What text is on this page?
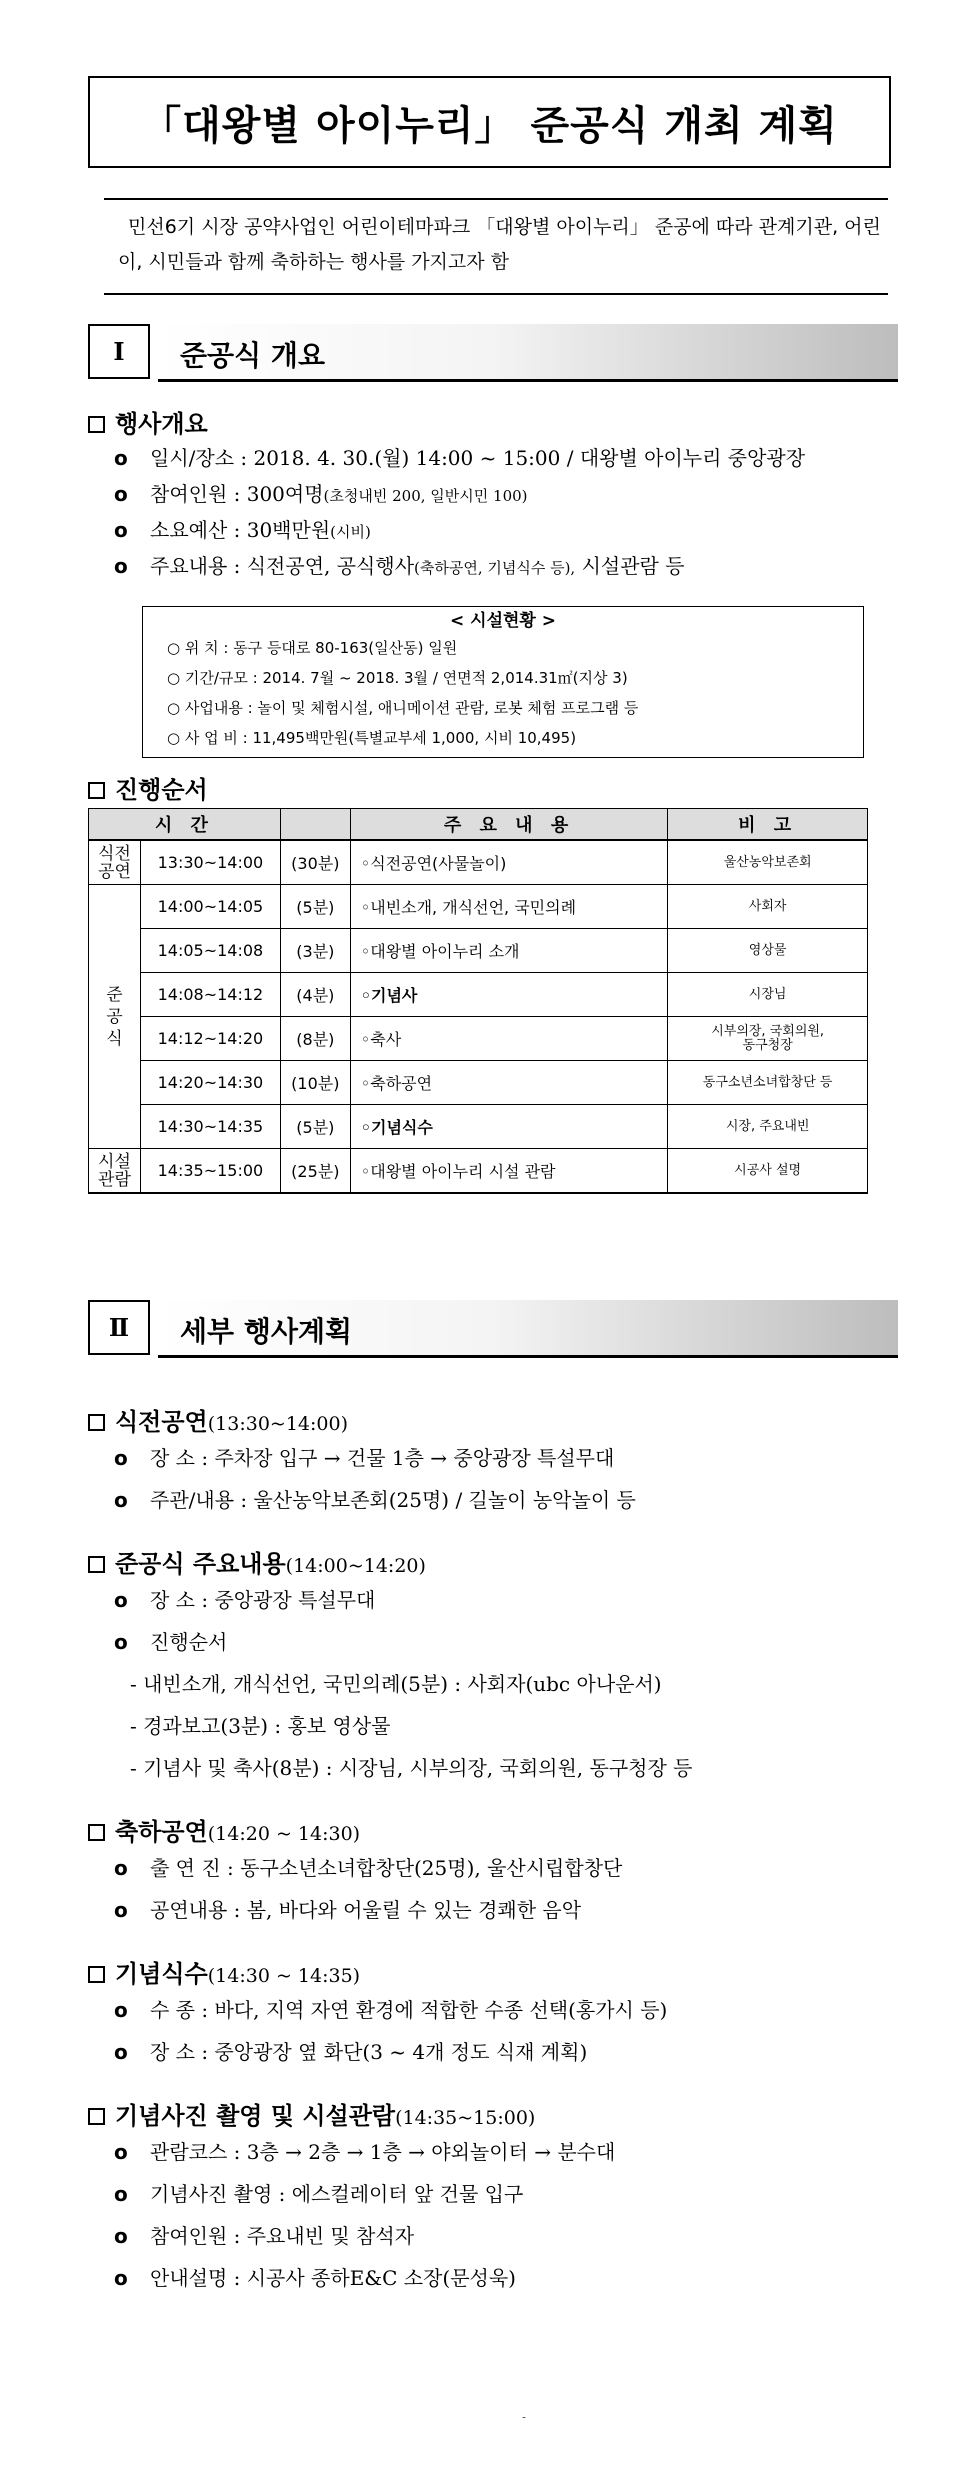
「대왕별 아이누리」 준공식 개최 계획
민선6기 시장 공약사업인 어린이테마파크 「대왕별 아이누리」 준공에 따라 관계기관, 어린이, 시민들과 함께 축하하는 행사를 가지고자 함
Ⅰ	준공식 개요
행사개요
o 일시/장소 : 2018. 4. 30.(월) 14:00 ~ 15:00 / 대왕별 아이누리 중앙광장
o 참여인원 : 300여명(초청내빈 200, 일반시민 100)
o 소요예산 : 30백만원(시비)
o 주요내용 : 식전공연, 공식행사(축하공연, 기념식수 등), 시설관람 등
< 시설현황 >
○ 위 치 : 동구 등대로 80-163(일산동) 일원
○ 기간/규모 : 2014. 7월 ~ 2018. 3월 / 연면적 2,014.31㎡(지상 3)
○ 사업내용 : 놀이 및 체험시설, 애니메이션 관람, 로봇 체험 프로그램 등
○ 사 업 비 : 11,495백만원(특별교부세 1,000, 시비 10,495)
진행순서
시 간			주 요 내 용	비 고
식전
공연	13:30~14:00	(30분)	◦식전공연(사물놀이)	울산농악보존회
준
공
식	14:00~14:05	(5분)	◦내빈소개, 개식선언, 국민의례	사회자
	14:05~14:08	(3분)	◦대왕별 아이누리 소개	영상물
	14:08~14:12	(4분)	◦기념사	시장님
	14:12~14:20	(8분)	◦축사	시부의장, 국회의원,
동구청장
	14:20~14:30	(10분)	◦축하공연	동구소년소녀합창단 등
	14:30~14:35	(5분)	◦기념식수	시장, 주요내빈
시설
관람	14:35~15:00	(25분)	◦대왕별 아이누리 시설 관람	시공사 설명
Ⅱ	세부 행사계획
식전공연(13:30~14:00)
o 장 소 : 주차장 입구 → 건물 1층 → 중앙광장 특설무대
o 주관/내용 : 울산농악보존회(25명) / 길놀이 농악놀이 등
준공식 주요내용(14:00~14:20)
o 장 소 : 중앙광장 특설무대
o 진행순서
- 내빈소개, 개식선언, 국민의례(5분) : 사회자(ubc 아나운서)
- 경과보고(3분) : 홍보 영상물
- 기념사 및 축사(8분) : 시장님, 시부의장, 국회의원, 동구청장 등
축하공연(14:20 ~ 14:30)
o 출 연 진 : 동구소년소녀합창단(25명), 울산시립합창단
o 공연내용 : 봄, 바다와 어울릴 수 있는 경쾌한 음악
기념식수(14:30 ~ 14:35)
o 수 종 : 바다, 지역 자연 환경에 적합한 수종 선택(홍가시 등)
o 장 소 : 중앙광장 옆 화단(3 ~ 4개 정도 식재 계획)
기념사진 촬영 및 시설관람(14:35~15:00)
o 관람코스 : 3층 → 2층 → 1층 → 야외놀이터 → 분수대
o 기념사진 촬영 : 에스컬레이터 앞 건물 입구
o 참여인원 : 주요내빈 및 참석자
o 안내설명 : 시공사 종하E&C 소장(문성욱)
-
